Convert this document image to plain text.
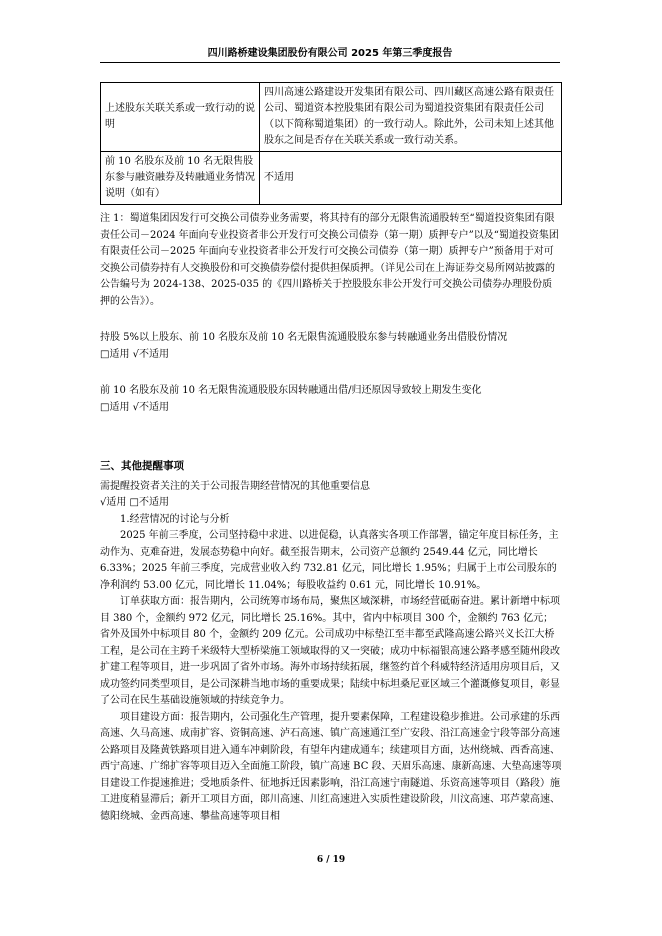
四川路桥建设集团股份有限公司 2025 年第三季度报告
上述股东关联关系或一致行动的说明	四川高速公路建设开发集团有限公司、四川藏区高速公路有限责任公司、蜀道资本控股集团有限公司为蜀道投资集团有限责任公司（以下简称蜀道集团）的一致行动人。除此外，公司未知上述其他股东之间是否存在关联关系或一致行动关系。
前 10 名股东及前 10 名无限售股东参与融资融券及转融通业务情况说明（如有）	不适用

注 1：蜀道集团因发行可交换公司债券业务需要，将其持有的部分无限售流通股转至“蜀道投资集团有限责任公司－2024 年面向专业投资者非公开发行可交换公司债券（第一期）质押专户”以及“蜀道投资集团有限责任公司－2025 年面向专业投资者非公开发行可交换公司债券（第一期）质押专户”预备用于对可交换公司债券持有人交换股份和可交换债券偿付提供担保质押。（详见公司在上海证券交易所网站披露的公告编号为 2024-138、2025-035 的《四川路桥关于控股股东非公开发行可交换公司债券办理股份质押的公告》）。

持股 5%以上股东、前 10 名股东及前 10 名无限售流通股股东参与转融通业务出借股份情况

□适用 √不适用

前 10 名股东及前 10 名无限售流通股股东因转融通出借/归还原因导致较上期发生变化

□适用 √不适用

三、其他提醒事项

需提醒投资者关注的关于公司报告期经营情况的其他重要信息

√适用 □不适用

1.经营情况的讨论与分析

2025 年前三季度，公司坚持稳中求进、以进促稳，认真落实各项工作部署，锚定年度目标任务，主动作为、克难奋进，发展态势稳中向好。截至报告期末，公司资产总额约 2549.44 亿元，同比增长 6.33%；2025 年前三季度，完成营业收入约 732.81 亿元，同比增长 1.95%；归属于上市公司股东的净利润约 53.00 亿元，同比增长 11.04%；每股收益约 0.61 元，同比增长 10.91%。

订单获取方面：报告期内，公司统筹市场布局，聚焦区域深耕，市场经营砥砺奋进。累计新增中标项目 380 个，金额约 972 亿元，同比增长 25.16%。其中，省内中标项目 300 个，金额约 763 亿元；省外及国外中标项目 80 个，金额约 209 亿元。公司成功中标垫江至丰都至武隆高速公路兴义长江大桥工程，是公司在主跨千米级特大型桥梁施工领域取得的又一突破；成功中标福银高速公路孝感至随州段改扩建工程等项目，进一步巩固了省外市场。海外市场持续拓展，继签约首个科威特经济适用房项目后，又成功签约同类型项目，是公司深耕当地市场的重要成果；陆续中标坦桑尼亚区域三个灌溉修复项目，彰显了公司在民生基础设施领域的持续竞争力。

项目建设方面：报告期内，公司强化生产管理，提升要素保障，工程建设稳步推进。公司承建的乐西高速、久马高速、成南扩容、资铜高速、泸石高速、镇广高速通江至广安段、沿江高速金宁段等部分高速公路项目及隆黄铁路项目进入通车冲刺阶段，有望年内建成通车；续建项目方面，达州绕城、西香高速、西宁高速、广绵扩容等项目迈入全面施工阶段，镇广高速 BC 段、天眉乐高速、康新高速、大垫高速等项目建设工作提速推进；受地质条件、征地拆迁因素影响，沿江高速宁南隧道、乐资高速等项目（路段）施工进度稍显滞后；新开工项目方面，郎川高速、川红高速进入实质性建设阶段，川汶高速、邛芦蒙高速、德阳绕城、金西高速、攀盐高速等项目相

6 / 19
